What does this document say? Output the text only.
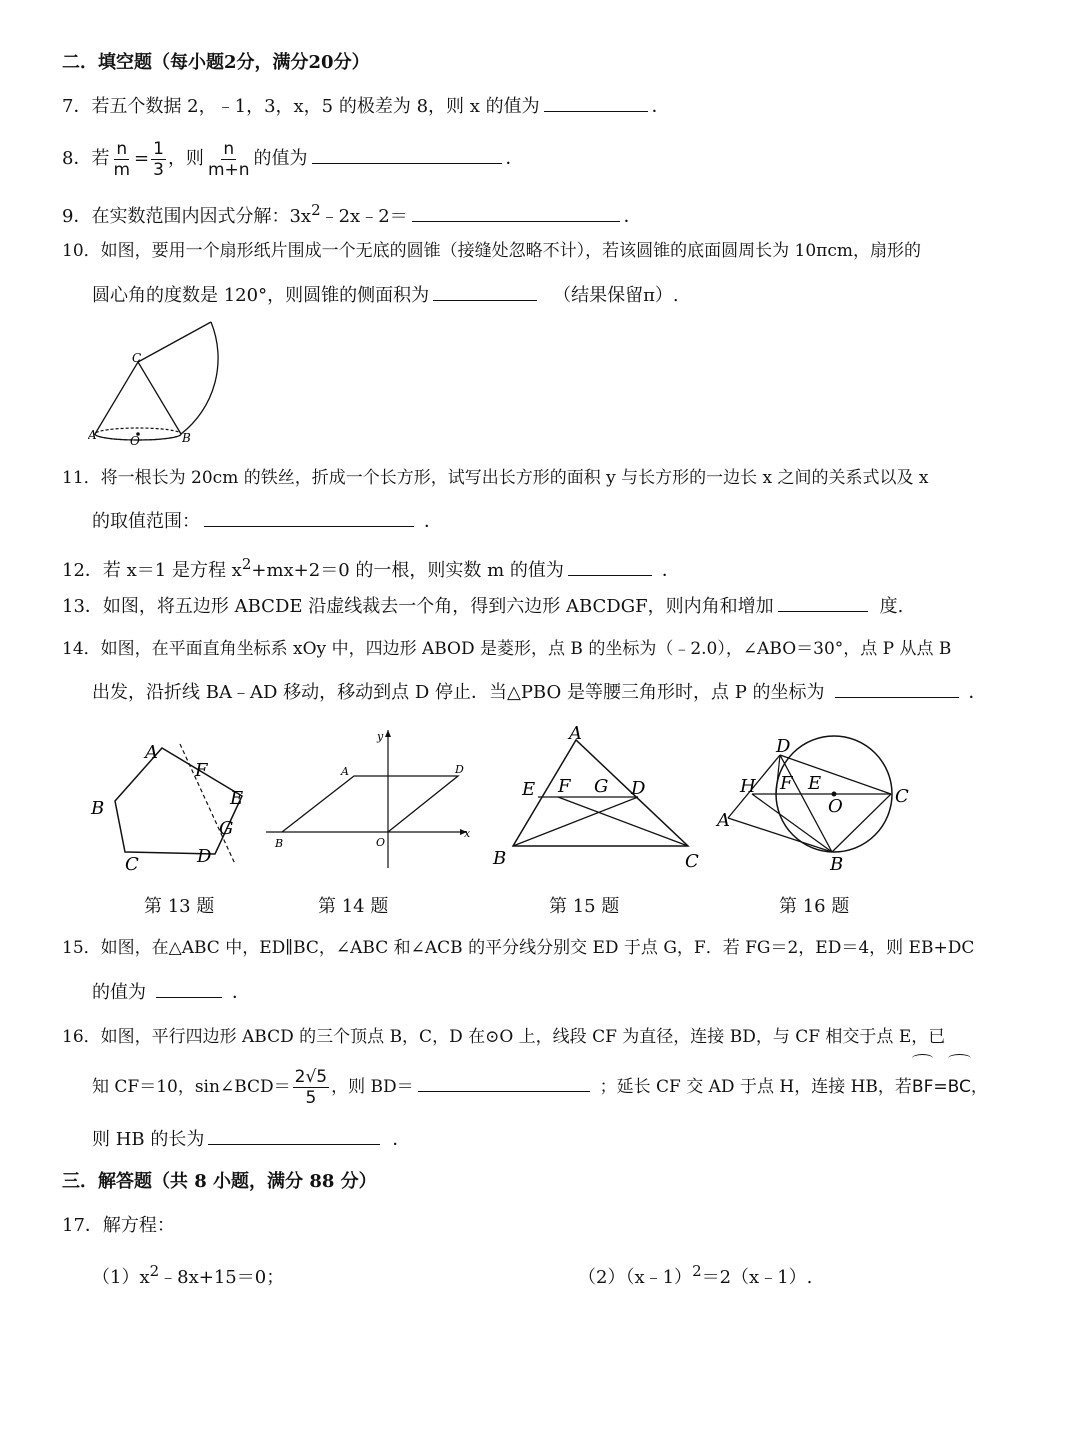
二．填空题（每小题2分，满分20分）
7．若五个数据 2，﹣1，3，x，5 的极差为 8，则 x 的值为	．
8．若 $\frac{n}{m} = \frac{1}{3}$ ，则 $\frac{n}{m+n}$ 的值为	．
9．在实数范围内因式分解：$3x^2﹣2x﹣2=$	．
10．如图，要用一个扇形纸片围成一个无底的圆锥（接缝处忽略不计），若该圆锥的底面圆周长为 10πcm，扇形的
圆心角的度数是 120°，则圆锥的侧面积为	（结果保留π）.
C
A	O	B
11．将一根长为 20cm 的铁丝，折成一个长方形，试写出长方形的面积 y 与长方形的一边长 x 之间的关系式以及 x
的取值范围：	．
12．若 x＝1 是方程 $x^2+mx+2=0$ 的一根，则实数 m 的值为	．
13．如图，将五边形 ABCDE 沿虚线裁去一个角，得到六边形 ABCDGF，则内角和增加	度.
14．如图，在平面直角坐标系 xOy 中，四边形 ABOD 是菱形，点 B 的坐标为（﹣2.0），∠ABO＝30°，点 P 从点 B
出发，沿折线 BA﹣AD 移动，移动到点 D 停止．当△PBO 是等腰三角形时，点 P 的坐标为	．
A
B
C	D
E
F
G
y
x
A	D
B	O
A
E F G D
B	C
D
H F E
O	C
A
B
第 13 题	第 14 题	第 15 题	第 16 题
15．如图，在△ABC 中，ED∥BC，∠ABC 和∠ACB 的平分线分别交 ED 于点 G，F．若 FG＝2，ED＝4，则 EB+DC
的值为	．
16．如图，平行四边形 ABCD 的三个顶点 B，C，D 在⊙O 上，线段 CF 为直径，连接 BD，与 CF 相交于点 E，已
知 CF＝10，sin∠BCD＝ $\frac{2√5}{5}$ ，则 BD＝	；延长 CF 交 AD 于点 H，连接 HB，若BF=BC，
则 HB 的长为	．
三．解答题（共 8 小题，满分 88 分）
17．解方程：
$(1)x^2﹣8x+15=0$；	（2）（x﹣1）$^2$＝2（x﹣1）.
